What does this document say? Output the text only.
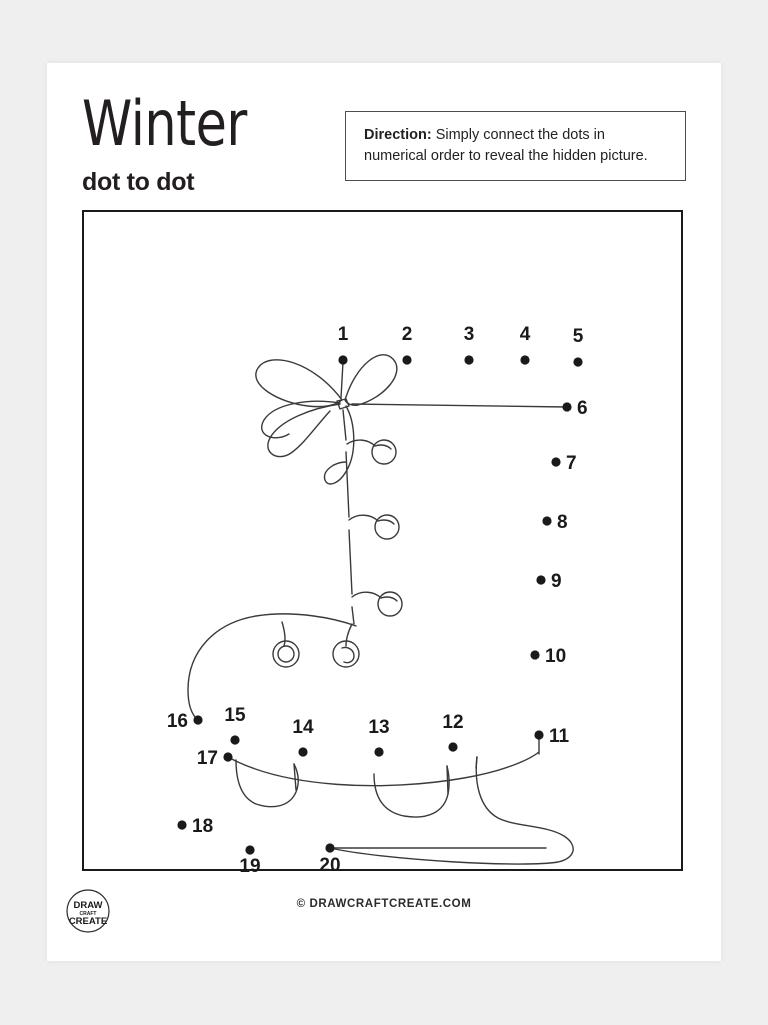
Winter
dot to dot

Direction: Simply connect the dots in numerical order to reveal the hidden picture.

1	2	3 4 5
6
7
8
9
10
11
12
13
14
15
16
17
18
19	20
DRAW
CRAFT
CREATE
© DRAWCRAFTCREATE.COM
